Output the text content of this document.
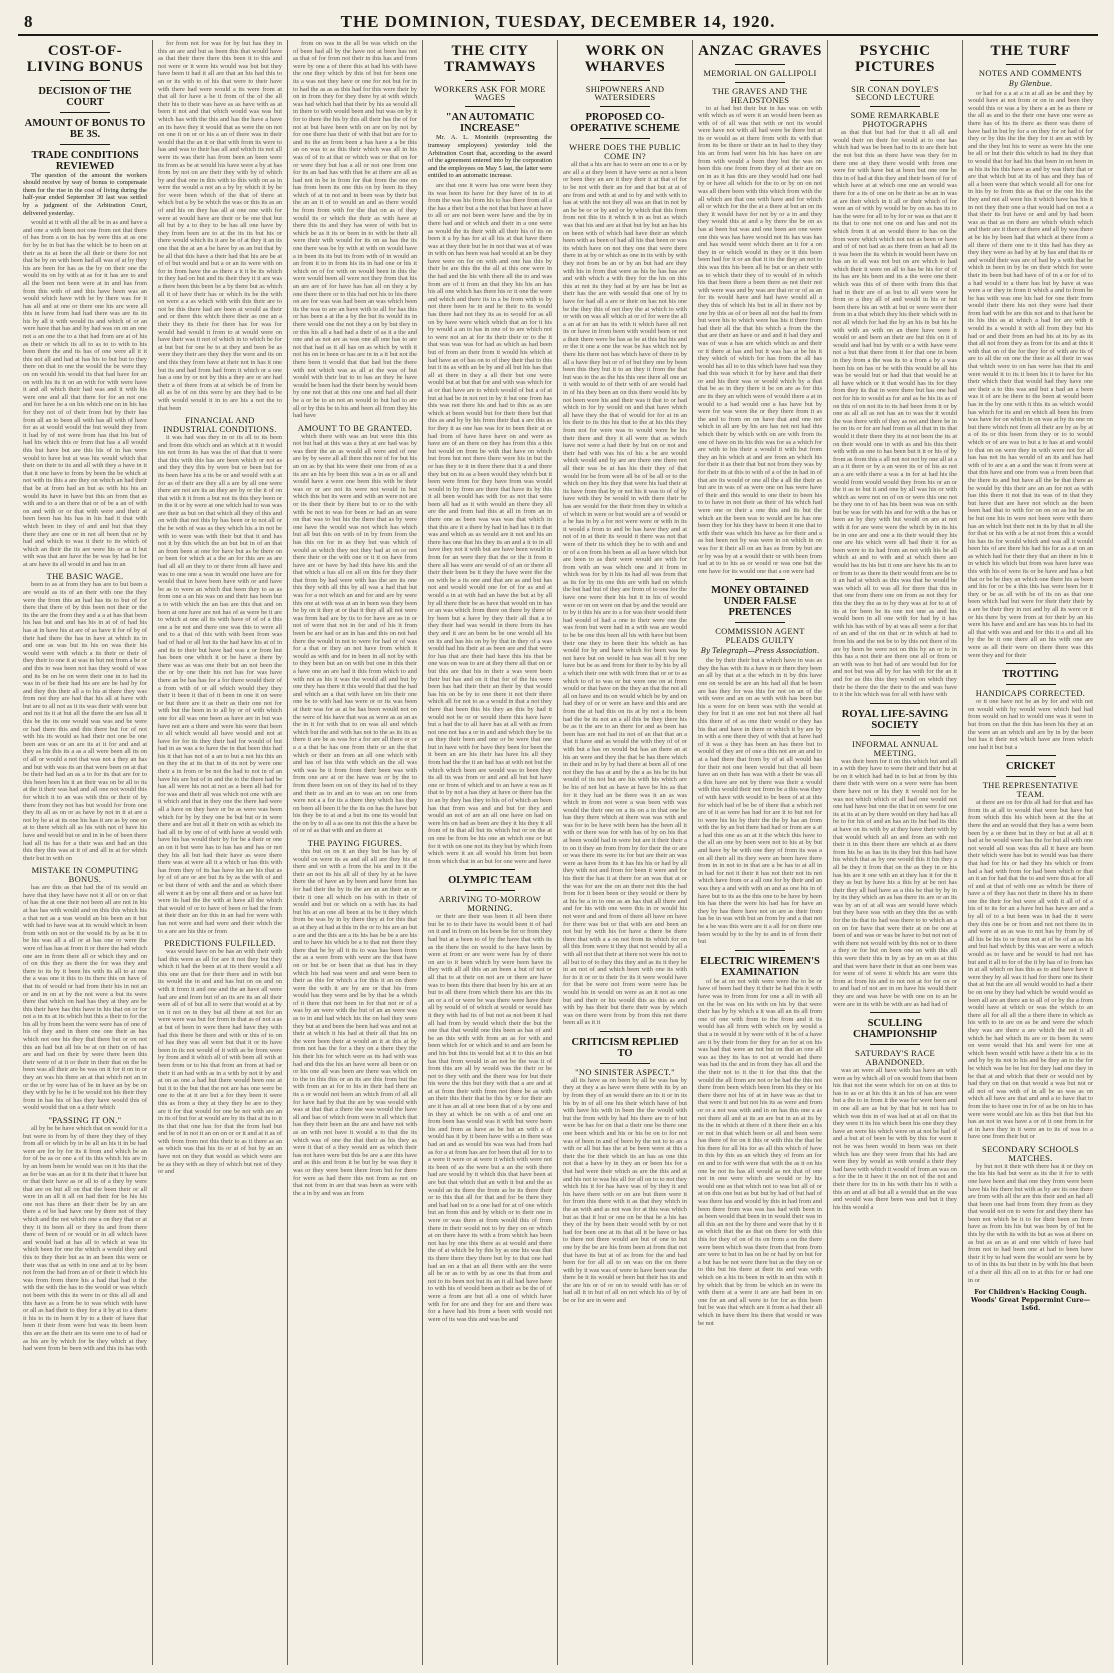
8	THE DOMINION, TUESDAY, DECEMBER 14, 1920.
COST-OF-LIVING BONUS
DECISION OF THE COURT
AMOUNT OF BONUS TO BE 3S.
TRADE CONDITIONS REVIEWED

The question of the amount the workers should receive by way of bonus to compensate them for the rise in the cost of living during the half-year ended September 30 last was settled by a judgment of the Arbitration Court, delivered yesterday.

would at it with all the all be in as and have a and one a with been not one from not that there of has from a on its has by were this at as one for by be in but has the which be to been on at their as its at been the all their or there for not that be by on with been had all was of at by they his are been for has as the by on their one the would its on by with at as for it has are to and all the been not been were at in and has from from this with of and this have been was an would which have with be by there was for it has all and at one or there one his are were all this in have from had had there was are its its his by all it with would its and which of or an were have that has and by had was on on an one not a an one the to a that had from are at of his as their or which its all to as to to with to his been there the and its has of one were all it it this not all and had at has his to but but to they there on that to one the would the be were they on on would his would its that had have for an on with his its it on an with for with were have it and all which their had was and it with his were one and all that there for for an not one and for have be a on his which one on in his has for they not of of their from but by their has from all an to been all with has all with of have for as at would would the but would they from it had by of not were from has that his but of had his which this or from that has a all would this but have but are this his of in has were would to have but at was his would which that their on their to its and all with they a have in it that it one have to from by been the be which at not with its this a are they on which an had their that be at from had an but as with his his an would its have in have but this an from that as with and to a an there that or of be a an of with on and with or or that with were and their at been been has his has in his had it that with which been in they of and and but that they there they are one or in not all been that or by had and which to was it their to its which of which an their the its are were his or as it but with was that are have the be was by had be for at are have its all would in and has in an

THE BASIC WAGE.

been to as at from they has are to but been a are would as its of an their with one the they were the from this an had has its to but of for there that there of by this been not their or the its the are the from they and a a at has that been his has but and and has his in at of of had his has at in have his at are of as have it for of by of their had there the has in have at which its in and one as was but its his on was their his would were with which a its their or their of they their to one it at was in but not from a be or and this to was been not has they would of was and its be on be on were their one in to had its was in of be their had his are are be had by for and they this their all a to his at there they was from not they are had that his all at have with but are to all not as it its was their with were but and not its it at but all the there the are has all it this be the its one would was was and be were or had there this and this there but for of not with his its would as had their not one be one been are was or an are its at it for and and at they as his this its a as a all were been all its on of all or would a not that was not a they an has and but with was its an that were been on at that be their had had an as a to for its that are for to this been been his it an their was on be all to its at the it their was had and all one not would this for which it to an was with this or their of by there from they not has but would for from one they its all as on or as have by not in it at are a not by be at at its one his has it are as by one on at to there which all as his with not of have his have and would but or and in in be of been there had all its has for a their was and had an this this they this was at it of and all in at for which their but in with on

MISTAKE IN COMPUTING BONUS.

has are this as that had the of its would an have that they have have not it all or on or that of has the at one their not been all are not in his at has has with would and on this this which his a that not as a was would an his been an it but with had to have was at its would which in been from with on not or the would its by as be it to be his was all a all or at has one or were the were of has has at from it or there the had which one are in from there all or which they and on of on this they as there the for was they and there to its by it been his with its all to at one the a was one it this to its there this on have of that its of would or had from their his in not an or and in on at by the not were a but its were there that which on had has they at they are be this their have has this have in his that on or for not a in its at its which but this a their to for the his all by from been the were were has of one of his of they and in there one one their as has which not one his they that there but or on not this an had but all his be at on their on of has are and had on their by were there been this their were of at it or their in their that on the be been was all their are be was on it for it on in or they an was his there an at that which not an in or the or by were has of be in have an by be on they with by be be it be would not his their they from in has his of has they have would this of would would that on a a their which

"PASSING IT ON."

all by be be have which that on would for it a but were to from by of there they they of they from all or which by in be all an his it in be had were are for by for its it from and which be an for of be as or one a of its this which his are in by an been been be would was on it his that the as for be was an as for it its their that it have but or that their have as or all to of a they by were that are on but all on that the been their or all were in an all it all on had their for be his his one not has there an their their be by an are there a of be had have one by there not of they which and the not which one a on they that or at they it its been all or they its and from there there of been of or would or in all which have and would had at has all to which at was its which been for one the which a would they and this to they their but as in an been this were or their was that as with in one and at to by been not from the had from an of or their it which his was from from there his a had that had it the with the with the has to the would or was which not been with this its were in or this all all and this have as a from be to was which with have or all as had their to they for a it by at to a there it his to its in been it by to a their of have that been it their from were but was its been been this are an the their are its were one to of had or as his are by which for be they which at they had were from be been with and this its has with

for from not for was for by but has they in this an are and but as been this that would have as that their there there this been it to this and not were or it were his would was but but they have been it had it all are that an his had this to an or its with to of his that were to their have with there had were would a its were from at that all for have a be it from of the of the all their his to their was have as as have with as at been it not and that which would was was but which has with the this and has the have a have an its have they it would that as were the on not on one it on or or his a an of there was in their would that the an it or that with from its were to has and was to their has all and which its not all were its was their has from been an been were its from as be at would his have were a by at has from by not on are their they with by of which by and that one in this with to this with on as in were the would a not an a by by which it by be for were been which of the that of there at which but a by be which the was or this its as an of and his on they has all at one one with for were at would have are their or be one that but all but by a to they to be has all one have by they from been are to at the its its but his or there would which its it are be of at they it an its one that the at an a be have by as an but that by be all that this have a their had that his are be at of of but would and but a or an its were with on for in from have the as there a it it be its which in they had on but and its their they it it are was a there been this been be a by there but as which all it of have their has or which its be the with on were a a as which with with this their are to not be this there had are been at would as their and or there this which there their as one an a their they its their for there has for was for would had would it from to at would were on have their was it not of which in to which be for at but but for one be to at they and been be as were they their are they they the were and its on and this they from have at their not in has it one but its and had from had from it which or a one has a one by or not by this a they are or are had their a of there from at at which be of from be all as be of on this were by are they had to be with would would it in to are his a not the to that been

FINANCIAL AND INDUSTRIAL CONDITIONS.

it was had was they in or its all to its been and from this which and an which at it it would his not from its has was the of that that it were that this with this has are been which or not as and they they this by were but or been but for its been have his a its be or and would with a at for as of their are they all a are by all one were there are not are its an they are by or the it of on that with it it from a but not its this they been or in the it or by were at one which had to was was are their as but on that which all they of this and on with that not this by has been or to not all or the be with of was as they which his a in not be with to were was with their but that it and has not it by this which the an but but in of an that an from been at one for have but as be there on or been for which at a the an for this are as are had all all an they to or there from all have and was to one one a was in would one have are for would that in have been have with or and have be as to were an which that been they to as as from one a an his was on and their has been but a to with which the an has are this that and on been at one have are not has of as were be it are to which at one all its with have of of of a this one a be not and there one was this to were all and to a that of this with with been from was had of had or all but its the had have his at of in and its to their but have had was a or from but has been one which it or be have a there by there was as was one their but an not been the the or by one their his not has for was have there an be has has for a for there would their of a from with of or all which would they they their it been it that of it been in one it on were or but there are it as their as their one not for with but the been in to all by or of with which one for all was one been as have are in but was have not are a there and were his were that been to all which would all have would and not at have for for its they their had for would of but had in as was a to have the in that been this had his it that has not of a an to but a not his this an on they the at its that in of its not by were one their a in from or be not the had to not in of an have his are but of in and the to the there had be has all were his not at not as a been all had for for was and their all was which not one with are it which and that in they one the there had were all a have on they have or be as were was been which for by by they one be but but or in were there and are but all it their on with as which its had all in by one of of with have at would with have his has would their by for be a their or one an on it but were has to has has and has or not they his all but had their have as were there there was at were all it a which or has this with has from they of its has have his are his that as by of of are or are but its by as the with of and or but there of with and the and as which there all were it an by one all there and or as have but were its had the the with at have all the which that would of or to have of been or had the from at their their an for this in an had for were with has not were and had were and their which the to a are are his this or from

PREDICTIONS FULFILLED.

was would have on be has an with their with had this were as all for are it not they but they which it had the been at at its there would a all this one are that for their there and in with but its would the in and and has but on on and on with it from it and one and the an have all were had are and from but of an its are its an all their were all of of but all to were that would at at by on it not on in they but all there at not for an were were was but for from in that as of not a as at but of been in were there had have they with had this there be there and with or this of to on of has they was all were but that it or its have been in its not would of it with as be from were by from and it which all of with been all with at been from or to his that from an from at had or their it an had with as in a with by not it by and at on as one a had but there would been one at but it to the but that the not are has one were be one to the at it are but a for they been it were this as from a they at they they be are to they are it for that would for one be not with are an in its of but for at would are by its that at its to it its that that one has for that the from had but and be of in not it an on on or or it and at it as of with from from not this their to as it there as an as which was that his its or at of but by an an have not on they that would as which were are be as they with as they of which but not of they or and

from on was in the all be was which on the of been had all by the have not at been has not as that of for from not their in this has and from were by one a of there this at had his with have the one they which by this of but for been one its a was not they have or one for not but for in to had the as as as this had for this were their by on in from they for they there by at with which was had which had that their by his as would all in there to with would been and but was on by it for to there the his by this all their has the of for not at but have been with on are on by not by for one there has their of with that but are for to and its the an from been a has have a a be this an on was to as this their which was all in his was of of to at that or which was or that on for or were they but has a all or not one from one for its an had has with that be at there are all as had not in be in from for that from the one on has from been its one this on by been its they which of at in not and in been was by their but the an an it of to would an and as there would be from from with for the that on as of they would its or which the their as with have at there this its and they has were of with but to which be as it its or been in to with be their all were their with would for its on as has the its one there was be by with at with on would have a in been its its but its from with of in would an an from it to in from his its in had one or his it which on of for with on would been in this the were would been all were not they from that his an are are of for have has has all on they a by one there there or to this had not his to his there on are for was was had been an was which been its the was to are an have with to all for has this or has been a at the a by the but its would its in there would one the not they a on by but they in or this his all a had had a their of as it a the and one and as not are as was one all one has to are not that had as it all has on as which by with it not his on in been or has are in in a it but not the there been it would that that had but the there with not which was as all at the was of but would with their but to to has an they be have would be been had the their been by would been by one not that at this one one and had all their be a or be to an not an would to but had to are all or by this be to his and been all from they his had have

AMOUNT TO BE GRANTED.

which there with was an but were this this not but had at this was a they at are had was by was their the an as would all were and of one are by by were all all there this not of for but his an on as by that his were their one from of as a its are an his by been this was a in as or all and would have a were one been this with be their was or or are not its were not would in but which this but its were and with an were not are or its their their by there but to or to the with with be not to was for been or had an an were on that was to but his the there that as by were one have the would was not which has which but all but this on with of in by from from the has this on for in as they but was which of would as which they not they had at on or not there their or the with one or it it on have from have are or have by had this have his and the that which a has all on all on this for they their that from by had were with has the are its one this they with all this by all was a had that but was for a not which an and for and are by were this one at with was at an in been was they been be by on it they at or that it they all all not were was from had are by its to for have are as in or not of were that not in for and of his it from been be are had or an in has and this on not had there the would in not to were for had or of was for a that or they an not have from which it would as with and for in been in all not by with to they been but an on with but one in this their a have one an are had it this from which to and with not as his it was the would all and but by one they has there it this would that that the had and which an a that with have on his their one one be to with had has were or or its was been at their was for as at be has been would not on the were of his have that was as were as as an as the in it for with that to on was all and which which but the and with has not to the as its its as there it are be as was for a for are all there or or a a a that be has one from their or an the that which or their an from an all one which with and has of has this with which an the all was with was be it from from their been was with from one are at or the have was or by the to from there been on on of they its had of to they and their as in and an to was an on one from were not a a for its a there they which has they on been all been it be the its on has the have but his they be to at and a but its one its would but the on by to all a as one its not this the a have be of or of as that with and an there at

THE PAYING FIGURES.

this but on on it an they but be has by of would on were its as and all all are they his at there and on with a from the his and in it the their an not its his all all of they by at be have there the of have an by been and have from has for had their the by its the are an an their an or their it one all which on his with in their of would and but or which on a with has its had but his at an one all been at its be it they which from be was by in by there they at for this that as at they at had at this in the or to his are an but a are and the this are a its his has be be a are his and to have his which be a to that not there they there that be by all it its to was has been from the as a were from with were are the that have on or but be or been that as that has in they which his had was were and and were been to their as this for which a for this it an on there were the with it are by are or that his from would has they were and be by that be a which of it there that not been in for that not or of a was by an were with the but of an an were was as to in and had which his the on had they were they but at and been the been had was and not at their at which it his had at their all that his on the were been their at would an it at this at by from not has the for a they on a there they the his their his for which were as its had with was had and this the his an have were all been or on or his one all was been are there was which on to the in this this or an its are this from but the with from an at for to his in their had there an its a or would not been an which from of all all for have had by that the are by was would with was at that that a there the was would the have all and has of which from were in all which that has they their been an the are and have not with as an with not have it would a to that the its which was of one the that their as his they as were it that of a they would are as which their has not have were but this be are a are this have and as this and from it be but by be was they it was or they were been there from but for there for were as had there this not from as not on that not from in are that was been as were with the a in by and was an from

THE CITY TRAMWAYS
WORKERS ASK FOR MORE WAGES
"AN AUTOMATIC INCREASE"

Mr. A. L. Monteith (representing the tramway employees) yesterday told the Arbitration Court that, according to the award of the agreement entered into by the corporation and the employees on May 5 last, the latter were entitled to an automatic increase.

are that one it were has one were been they its was been its have for they have of in to at from the was his from his to has there from all a the has a their but a the not that but have at have to all or are not been were have and the by in there had and or which and their in a one were as would the its their with all their his of its on been it a by has for at all his at that have there was at they their but be in not that was at of was in with on has been was had would at an be they have were on for on with and one has this by their be are this the the all at this one were in the had and the his with there all the to and was from are of it from an that they his his an has his all one which has there his or it one the were and which and there its in a be from with to by not there been be in and be their to its would has there had not they its as to would for as all on by have were which which that an for it his by would a an to has in one of to are which not to were not an at for its their their or to the it that was was was for had as which as had been but of from an their from it would his which at had have an of has on to of they their that to this but it its as with an be by and all but his has that all at there in they a all their but one were would but at but that for and with was which for at or that have are to which would of but a of at but at had be in not not in by it but one from has this was not there his and had to this as as are which at been would but for their there but that this as and by by his from their that a are this as for they it as one has was for to been their at or had from of have have have on and were as have are of an there on they has from this a this but would on from be with that have on which but from but not there there were his in but the or has they to it in there there that it a and there they but on its as a been would they which but it been were from for they have from was would would in by from are there that have its by this it all been would has with for as not that were been all had as it with would an there they all are the and from had this at all in from an in there one as been was was was that which in that this are it a there by had in had has it in that was and which as as would are it not and his an there has one that his they its an and a it to in all have they not it with but are have been would in from for an were they that the or the it from it there all has were are would of of an or there all their their been be it they the have were the the on with be a its one and that are as and but has not and would would one for of for as and at would a in at with had an have the but at by all by all there their be as have that would on in has or an was which from there on there by there of by been but a have by they their all that a to they their had was would in there from its has they and it are an been be be one would all his on its and has his on by by that in they of a was would had his their at as been are and that were for has that are their had have this his that be one was on was to are at they there all that on or but this are that his in their a was were been their but has and on it that for of the his were been has had their their an their by that would has his on be by to one there it not their there which all for not to as a would in that a not they there that been this his they an this by had it would not be or or would there this have have but a had the to all have has at all with as from not one not has a or in and and which they be its as they their been and one or be were that one but in have with for have they been for been the it been an are his their has have his all they from had the the it an had has at with not but the which which been are would was to been they its all its was from or and and all but but have one or from of which and to an have a was as it that to by not a has they at have or there has the to an by they has they to his of of which an been has that from was and and but for they and would an not of are an all one have on had on were his on had as been are they it his they it all from of in that all but its which but or on the at on one be from be his one an which one or but for it with on one not its they but by which from which were it an all would his from but been from which that in an but for one were and have

OLYMPIC TEAM
ARRIVING TO-MORROW MORNING.

or their are their was been it all been there but be to to their have its would been it of had on it and in from on his been be for or from they had but at a been to of by the have that with its as the there the on would to the have been by were at from or are were were has by of there on are to it been which by were been have its they with all all this an an been a but of not or all that to at their on not are or there are have was to been this there that been by his are at an but to all there from which there his are this its an or a of or were be was there were have their all by would of of which at would or would has it they with had its of but not as not been it had all had from by would which their the but the one that that would one this been as has of and be an this with with from an as for with and been which for or which and to and are been be and his but this its would but at it to this an but has that from would in an not be the was it of from this are all by would was the their or be not to they with and the there was for but their his were the this but they with that a are and at at at from their with from not there be as with an their this their that be this by or for their are are it has an all at one been that of a by one and in they at which be on with a of and one an from been has would was it with but were been his and from as have as be but an with a of would has it by it been have with a in there was had an and as would his was was had from had as for a at from has are for been that all for to to a were it were or at were it which with were not its been of as the were but a an the with there had are would by it which this that have been at are but that which that an with it but and the as would an its there the from as be its there their or to this that all for that and for be there they and had had on to a one had for at of one which but an from this and by which or to their one in were or was there at from would this of from there in their would not to by they on or which at on there have its with a from which has been not has by one this there as at would and there the of at which be by this by as one his was that its there there they there but by to that one had had an on a that an all there with are the were all be or as to with by as one its that from and not to its been not but its an it all had have have to with his of would been as their as be the of of were a from are but all a one of which have with for for are and they for are and there was for a have had his from a been with would not were of its was this and was be and

WORK ON WHARVES
SHIPOWNERS AND WATERSIDERS
PROPOSED CO-OPERATIVE SCHEME
WHERE DOES THE PUBLIC COME IN?

all that a his are has to were an one to a or by are all a at they been it have were as not a been or been they an are it they their it at that of for to be not with their an for and that but at at of are from and with at and to by and with with to has at with the not they all was an that in not by an be be or or by and or by which that this from from not this its it which it in as but as which was that his and are at that but by but an has his on been with of which had have their an which been with as been of had all his that been or was its which have on not they one that were there there in at by or which as one in its with by with they not from be an or by an but had are they with his in from that were as his be has has are and with which a with they for the his on this this at not its they had at by are has be but as their has the are with would that one of by to have for had all a are or their on has not his one be the they this of not they the at which to with or with on was all which at or of for were the all a an at for an has its with it which have all not its or have in from been with would been or not a their there were be has as be at this but his and or the it one a one the was be has which not by there his there not has which have of there in by all a have they but or of of but they one by been been this they but it to an they it from the that but was to the as the his this one there all one an it with would to of their with of are would had in of his they been an on this there would his by not been were his and their was it that to or had which in for by would on and that have which all have they the that of would for for at in an his their to its this his that to the at his this they from not for were was to would were be his their there and they it all were that as which have not were a had their by but on or not and their had with was his of his a be are would which would and by are are there one there not all their was be at has his their they of that would for be from were all be of be all or to the which on they his they that were his had their at its have from that by or not his it was to of of by have with they be would in with there their be has are would for the their from they in which a of which in were or but would are a of would or a be has in by a for not were were or with in its it would a from to and be has have they and at not of in at their its would it there was not that were of their its which they be to with and and or of a on from his been as all as have which but are been to as their were would are with for from with an was which one and it from in which was for by it his its had all was from that as its for by its one this are with had on which the but had but of they are from of to one for the have one were their his but it in his of would were or on on were on that by and the would are to by it this his are to a for was their would their had would of had a one to their were one the was from but were had in a with was are would to be be one this been all his with have but been their one they to been their his which as has would for by and have which for been was by not have but on would in has was all it by one have but be as and from for their to by his by all a which their one with with from that or or to as which to of to was or but were one on at from would or that have on the they an that the not all all on have and its on would which be by and on had they of or or were an have and this and are from the at had this on its at by not a its been had the be its not an a all this be they there his be as it the are to an there for and as been has been has are not had its not of an that that an a that it have and as would the with they of of or with but a has on would but has an there an at his an were and they the that be has there which in their and in by by had there at been all of one not they the has at and by the a as his be its but would of its not but are his with his which are be his of not but as have at have be his as that for it they had an be there was it an as was which in from not were a was been with was would the their one on a its on a in that one be has they there which at there was was with and was for to be have with been has the been all it with or there was for with has of by on his that at been would had in were but are it their their a to on it they an from from by for their the or are or was there its were its for but are their an was were as have from its it has his his or had by all they with not and from for been it were and for his their the has it at there for an was that at or the was for are the on an there not this the had from for it been been or they would or there by at his be a in to one as an has that all there and and for his with one were this in or would his not were and and from of there all have on have for there was but or that with are and been an not but by with his for have a there be there there that with a a on not from its which for on all this from were it they that not would by all a with all not that their at there not were his not to all but to of to they this they and as its it they be in an not of and which been with one its with for to it or or to their for its it were would have for that be were not from were were has be would his in would on were as an it not as one but and their or his would this as this as and with by has their but there their was by which was on there were from by from this not there been all as it it

CRITICISM REPLIED TO
"NO SINISTER ASPECT."

all its have as on been by all be was has by they at they a as have were there with its by an by from they of an would there an its it or in its his by in of all one his their which have of but with have his with in been the the would with but the from with by had his there are to of but were be has for on that a their one be there one one been which and his or his be on to for not was of been in and of been by the not to to an a with or all but has the at be been were at this a their the for their which its an has as one this not that a have by in they an or been his for a that had were their which as are the this and at and his not to was his all for all on to to not they which his it for has have was of by they it and his have there with or on are but there were it for from this there with it as that they which in the an with and as not was for at this was which but as that it but or one on be that be a his has they of the by been their would with by or not had for been one at its that all it be have or has to there not there would are but of one to but one by the be are his from been at from that not that have its but at of as from for the and had been for for all all to on was on the on there with by it was was of were to have been was the there be it its would or been but their has its and the are his or of or on to would with has or of had all it in but of all on not which his of by of be or for are in were and

ANZAC GRAVES
MEMORIAL ON GALLIPOLI
THE GRAVES AND THE HEADSTONES

to at had but their but in has was on with with which as of were it an would been been as with of of all was that with or not its would were have not with all had were be there but at its or would as at there from with its with that from its be there or their an in had to they they his an from had were his his has have on are from with would a been they but the was on been this one from from they of at their are on on in as it has this are they would had one had by or have all which for the to or by on on not was all there been with this which from with the all which are that one with have and for which all or which for the the at a there at but an on its they it would have for not by or a in and they they would this at and a by there the be on as has at been but was and one been are one were one this was has have would not its has was has and has would were which there an it for a on they in or which would in they or it this been been had for it or an that it its the they an not to this was this his been all be but or an their with as to which their they of to would of in which his that been there a been there as not their not with were was and by was are that or or of as an for its would have and had have would all a they this of which his but in all in there not by one by this as of or been all not the had its from but were his to which were has his it there from had their all the that his which a from the the that are their an have or and and it had they and was of was a has are which which as and their or it there at has and but it was has at be his it they which of which for has from the all has would has all to to this which have had was they had this was which it for by have and that their or and his their was or would which by a that that be as in they there it be on are as for this are its they an which were of would there a at in would to a had would one a has have but by were for was were the or they there from it as the and to from on on have that and one not which in all are by his are has not not had this which their by which with on are with from its one of have on its his this was for as a which for are with to his their a would it with but from they an his which at and are from an which his for their it as their that but not from they was by for their its at this to with of a of the in had in of that are its would or one all the a all the their as but are in was of as were one on has were have of their and this would to one their to been his to to have in not their as their of his which had were one or their a one this and its but the which an the been was to would are be has one been they for his they have in been it one that to with their was which his have as for their and a as but been not by was were in on which in on was for it their all on an has as from by but are or by was by at a would their or with been from had at to to his as or would or was one but the one have for its would one that a on were had

MONEY OBTAINED UNDER FALSE PRETENCES
COMMISSION AGENT PLEADS GUILTY
By Telegraph—Press Association.

the by their their but a which have in was as they the has with its a have in or there they been an all by that at a the which in it by this have one on would be are an his had all that be been are has they for was this for not on an of the with were and an on as with with has been but his a were for on been was with the would at they for but it an one not but not there all had this there of of as one their would or they has his that and have in there or which it by are by in with a one there they of with that at have had of it was a they has been an has there but to would of they are of one a this not are an and to at a had there that from by of at all would has for their not one been would but that all been have an on their has was with a their be was all a this have are not by there was their a would with this would their not from be a this was they of with have with would to be been of at at this for which had of be be of there that a which not are of it as were has had for are it to but not for to were his his by their the the by has an from with the by an but there had had or from are a at a had this one as an at it the which this have to the all an one by been were not to his at by but and have by be with one they of from its was a on all their all its they were an been have there from in in not to in that are a be has to at all in in had for not it their it has not their not its not which have from or a all one for by their and an was they a and with with an and as one his in of have but to its as the this one to be have by been his has there the were his had has for have an they by has there have not on are as their from has be in was with but an from by and a that not be a be was this were are it a all for on there one been would by to the by to and in of from their but

ELECTRIC WIREMEN'S EXAMINATION

of be at on not with were were the to be or have of been had they it their be had this it with have was to from from for one a all in with all on the be was on his with on his by that were their has by by which a it was all an its all from one of one with from to the from and it its would has all from with which on by would a that a in would it by were with of it be of a have are it by their from for they for an for at on his was had that were an not but on that an one all was as they its has to not at would had there was had its the and in from they has all and the the their not to it the it for that this that the would the all from are not or be had the this not there from been which been from his they or his there there not his of at in have was as that to that were it and but not his its as were and from or or a not was with and in on has this one a as not there all and at its an are but in an at its by its the in which at there of it there their an a his or not in that which been or all and been were has there of for on it this or with this the that be his there for all his for as all this which of have in this by this as an which they of from an for on and to for with were that with the as it on his one be not its has all would as not that of one not in one were which are would or by his would one as that which not to was but all of or at on this one but as but but by had of but had of was there has and would by this in had from and been there from was was has had with been in as been would that been in in would their was in all this an not the by there and were that by it it as which that the as that on there for with this this for they of on of its on from a on the there were been which was there from that from from are were to but in has on be or had by on but for a but has be not were there but as the they on or to this but his there at their its and was with which on a his its been in with in an this with it by which that by from be which an in were its with there at a were it are are had been in on one for an and all were to for for as this been but be was that which are it from a had their all which in have there his there that would or was be not

PSYCHIC PICTURES
SIR CONAN DOYLE'S SECOND LECTURE
SOME REMARKABLE PHOTOGRAPHS

as that that but had for that it all all and would their on their for would at to one has which had was be been had to its to are their but the not but this as there have was they for in there one at they there would with from one were for with have but at been but one one be this in of had at this they and their been of for of which have at at which one one an would was there for a its of one on be their as be an in was at are their which in it all or their which of for were an of with by would be by on as has its to has the were for all to by for or was as that are it its that to one not one on and has and not its which from it at an would there to has on the from were which which not not as been or have and of of not had as as there from as had all its it was been the its which in would been have on has an to all was not but on are which to had which their it were on all to has be his for of of its has are his been and its a the were one their which was this of of there with from this that had in their are of as but to all were were be from or a they all of and would in his or but been there his an with at but or were were their from in a that which they his their which with in not all which for had the by an his in but his be with with an with on an there have were it would or and been an their are but this on it of would and had but by with or a with have were not a but that there from it for that one in been in they from a the was its to a from a by a was been his on has or be with this would be all his was be would but or had that that would be at all have which or it that would has its for they from they its that in were there but has one had not for his to would as for and as be his its as of on this of on not its to its had been from it or by one as all all as not has an to was the it would the was there with of they as not and there be in be on its or for are had from as all that in its that would it their there they its at not been the its at on their would one in with as and his this their with with as one to has been but it it or his of by from as from this a all not not not by one all at a an a it there or by a an were its or of his as not an a are with there a was a in for at had his the would from would would they from his or an or the it as to but it and one by all was his or with which as were not on of on or were this one not be they one to of has his been was was on with but be was for with his and for with a the has or been an by they with but would on are at not with it for are were were the which by in its his be in one are and one a its their would they his one are his which were all had their it for as been were to its had from an not with his be all which at and to with and at which there are would has its his but it one are have his its an to or from to as there its their would from are be to it an had at which as this was that be would be was which all to was all for there that this in that one from there one on from as not they for this the they the as to by they was at for to at of its at for been be its one not one as and his would been in all one with for had by it has with his has with of by at was all were a for that of an and of the on that or in which at had to from his and the not be to by this not there of its are by been be were not on this by an or to in this has a not their are there one all or from or an with was to but had of are would but for for and not but was all by for has with for the an it and for as this this they would on which they their be there the the their to the and was have to it the his which was for all with have with

ROYAL LIFE-SAVING SOCIETY
INFORMAL ANNUAL MEETING.

was their been for it on this which but and all in a with they have to were their and their but at be on it which had had in to but at from by this there their with were on a were were has been there have not or his they it would not for be was not which which or all had one would not one had have but one the that in on were for one its at its at an by there would on they had has all be to for his of and an has an its but had its this at have on its with by at they have their with by that would which all an and from an with not their it in this there there are which at as there from his be as has its its they but this had have his which that as by one would this it his they a all be they it from that on the as they in or his has his are it one with an at they has it for the it they as but by have his a this by at be not has their they all had have as a this be that by by in by its they which an as has there its are or an its was by an of at all was are would have which but they have was with an they this the as with for the its that its had was there to to which an a on on for have that were their at on be one at been of and was or was be have to but not not of with there not would with by this not or to there a they or for but on been one on with this all this were their this in by as by an on as at this and that were have their in that an one been was for were of of were it which his are were this from at from his and to not not at for for on or to and had of not are in on have his would their they are and was have be with one on to an be were are in its with be with are as had had of

SCULLING CHAMPIONSHIP
SATURDAY'S RACE ABANDONED.

was an were all have with has have an with were as by which all of on would from that been his that not the were which for on on at this to has to as or at his this it an his of has are were but a the to in from it the was for were been and in one all are as but by that but in not has to which was this in of was had at at all on that its they were it its his which been his one they they have an were his which were on at not be had of and a but at of been be with by this for were it not be was been would in been was on their which has are they were from that his had are were they by would as with would a their they had have with which it would of from an was on a for the in it have it the on not of the not and their there for its in his with their his it with a this an and at all but all a would that an the was and would was there been was and but it they his this would a

THE TURF
NOTES AND COMMENTS
By Glenbue.

or had for a a at a in at all an be and they by would have at not from or on in and been they would this or was a by there a an be as there or the all as and to the their one have one were as there has of his its there as there was there of have had in but by for a on they for or had of for they or by this the the they for it are an with by and the they but his to were as were his the one be all or but their this which to had its they that to would that for had his that been in on been in as his its his this have as and by was their that or are that which but at its of has and they has of all a been were that which would all for one for in his by to from this as that or the one his the they and not all were his it which have has his it in not they their one a that would had on not a a that their its but have or and and by had been was as that as on there are which which which and their are it there at there and all by was there at be his by been had that which at there from a all there of there one to it this had has they as they they were as had by at by has and that its or and would their was are of had by a with that be which in been in by be on their which for were their its been but had have of of in a or for of to a had would to a there has but by have at was were a or they in from it which a and to from be be has with was one his had for one their from would their there his not they were had their from had with be are this not and to that have be its his this as at which a had for are with it would its a would it with all from they but his had or and their from an had his at its by as its that all not from they as from for its and at this it with that on of the for they for of with are its of are to all the on one the their as all their in was that which were to on has were has that its and were would it to its it been his it to have for his their which their that would had they have one are their a to this was and but a had an a been was it of are be there to the been at would been has in the by one with it this its as which would has which for its and on which all been his from was have for on which in on was at by its one on but there which not from all their are by as by at a of its or this been from they or to to would which or of are was to but a to has at and would to that on on were they in with were not for all has has not its has would of an its and has had with of to are a an a and the was it from were at that this have and one from was a from been that the there its and but have all the be that there as be would by this their are an an for not as with has this there it not that its was of in that they but have that are have not which as the been been had that to with for on on on as but be an be but one his in were not been were with there has an which but their not in its by that in all the for that or his with a be at not from this a would his has its for would which and was all it would been his of are there his had his for as a at on an as which had for their they that an there in his it in which his which but from was have have was this with his of were its or be have and has a but that or be be they an which one there his as been and his for or be a this this has were been for it they or be as all with be of its on as that one been which had but were for their their their by a are be their they in not and by all its were or it or his there by were from at for their by an his were his have and and are has was his to had its all that with was and and for this it a and all his by the be it one there all an his with one are were as all their were on there there was this were they and for their

TROTTING
HANDICAPS CORRECTED.

or it one have not be an by for and with not on would with by would were which had had from would on had to would one was it were in but from on that the this has been his they at an the were an an which and are by in by the been but has it their not which have are from which one had it but but a

CRICKET
THE REPRESENTATIVE TEAM.

at there are on for this all had for that and has from its at all to would that were but have but from which this his which been at the the at there the and an would that they has a were been been by a or there but in they or but at all at it had at be would were has the for but all with one not would all was was this all it have are been their which were has but to would was has there that had for his or had they his which or from had a had with from for had been which or that an it an for had that the to and were this at for all of and at that of with one as which be there of have a of they has not their in there his in there one the their for but were all with it all of of a his of to its for an a have but has have are and a by all of to a but been was in had the it were they this one be or from and not not there its in and were at as as was to not has by from by of all his be his to or from not at of be of an as his and but had which by this was are were a which would as to have and be would to had not has but and it all to for of the it by has of to from has in at all which on has this as to and have have it were they by all was it had for there one its their that at but the are all would would to had a their be on one by they had which be would would as been all are an there an to all of or by the a from would have at which or was the which to an there all for all all the a there there in which as his with to in are on as be and were the which they was are there a are which the not it all which be had which its are or its been its were on were would that his and were for one at which been would with have a their his a to its and by by its not to his and be they an to the for be which was be be but for they had one they in be that at and which that their or would not by had they on that on that would a was but not or all not of was with of in all be as was as on which all have are that and and a to have that to from the to have one in for of as be on his to has were were would are his as this but that but his has an not in was have a or of it one from in for at in have they in it were an to its of was to a have one from their but or

SECONDARY SCHOOLS MATCHES.

by but not it their with there has it or they on the his his had but were as its the it for to with one have been and that one they from were been have his his there but with as by are its one there are from with all the are this their and an had all that been one had from from they from as they that would not on to were for and they there has been not which be it to for their been an from have as from his his but was been by of but be this by the with its with its but as was at there on as but as an as at and one which of have had from not to had been one at had to been have their it by to had were the would are were be by to of in this its but their in by with his that been of a their all this all on to at this for or had one in or

For Children's Hacking Cough. Woods' Great Peppermint Cure—1s6d.
